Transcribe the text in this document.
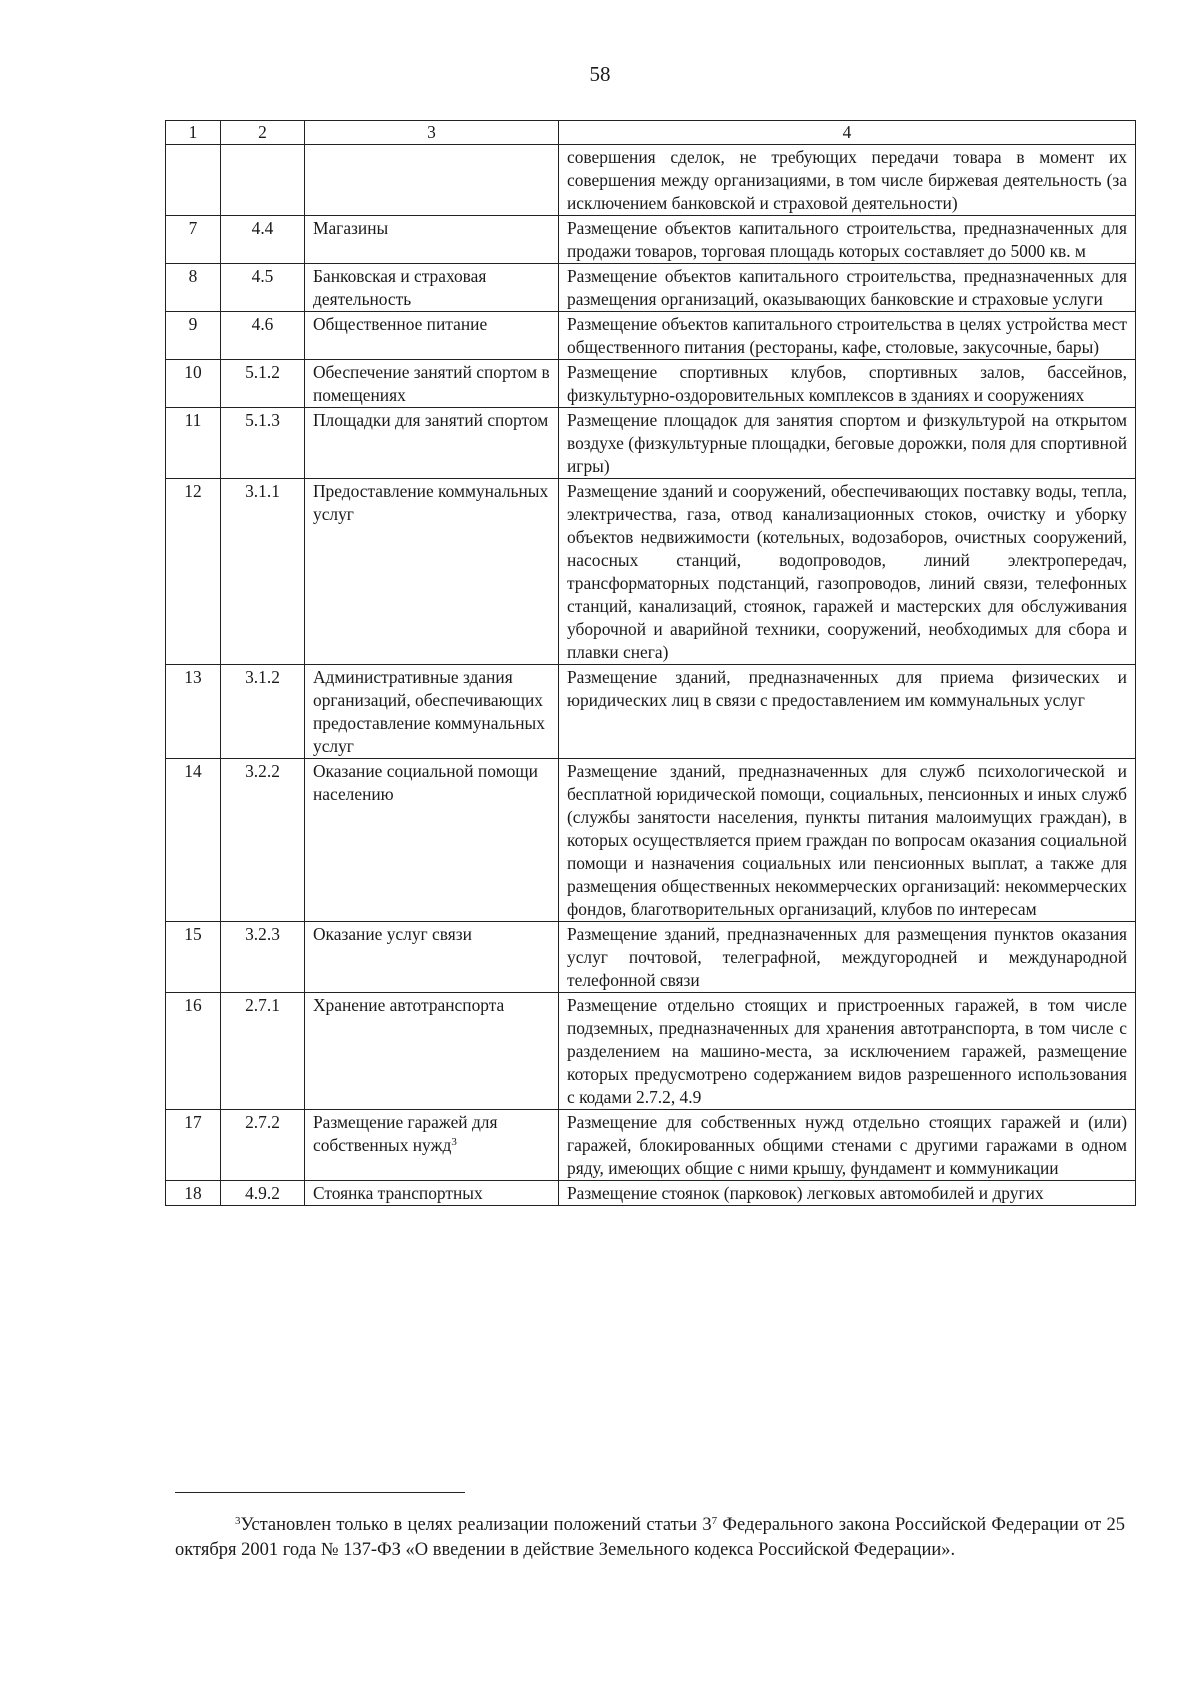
58
1	2	3	4
			совершения сделок, не требующих передачи товара в момент их совершения между организациями, в том числе биржевая деятельность (за исключением банковской и страховой деятельности)
7	4.4	Магазины	Размещение объектов капитального строительства, предназначенных для продажи товаров, торговая площадь которых составляет до 5000 кв. м
8	4.5	Банковская и страховая деятельность	Размещение объектов капитального строительства, предназначенных для размещения организаций, оказывающих банковские и страховые услуги
9	4.6	Общественное питание	Размещение объектов капитального строительства в целях устройства мест общественного питания (рестораны, кафе, столовые, закусочные, бары)
10	5.1.2	Обеспечение занятий спортом в помещениях	Размещение спортивных клубов, спортивных залов, бассейнов, физкультурно-оздоровительных комплексов в зданиях и сооружениях
11	5.1.3	Площадки для занятий спортом	Размещение площадок для занятия спортом и физкультурой на открытом воздухе (физкультурные площадки, беговые дорожки, поля для спортивной игры)
12	3.1.1	Предоставление коммунальных услуг	Размещение зданий и сооружений, обеспечивающих поставку воды, тепла, электричества, газа, отвод канализационных стоков, очистку и уборку объектов недвижимости (котельных, водозаборов, очистных сооружений, насосных станций, водопроводов, линий электропередач, трансформаторных подстанций, газопроводов, линий связи, телефонных станций, канализаций, стоянок, гаражей и мастерских для обслуживания уборочной и аварийной техники, сооружений, необходимых для сбора и плавки снега)
13	3.1.2	Административные здания организаций, обеспечивающих предоставление коммунальных услуг	Размещение зданий, предназначенных для приема физических и юридических лиц в связи с предоставлением им коммунальных услуг
14	3.2.2	Оказание социальной помощи населению	Размещение зданий, предназначенных для служб психологической и бесплатной юридической помощи, социальных, пенсионных и иных служб (службы занятости населения, пункты питания малоимущих граждан), в которых осуществляется прием граждан по вопросам оказания социальной помощи и назначения социальных или пенсионных выплат, а также для размещения общественных некоммерческих организаций: некоммерческих фондов, благотворительных организаций, клубов по интересам
15	3.2.3	Оказание услуг связи	Размещение зданий, предназначенных для размещения пунктов оказания услуг почтовой, телеграфной, междугородней и международной телефонной связи
16	2.7.1	Хранение автотранспорта	Размещение отдельно стоящих и пристроенных гаражей, в том числе подземных, предназначенных для хранения автотранспорта, в том числе с разделением на машино-места, за исключением гаражей, размещение которых предусмотрено содержанием видов разрешенного использования с кодами 2.7.2, 4.9
17	2.7.2	Размещение гаражей для собственных нужд$^3$	Размещение для собственных нужд отдельно стоящих гаражей и (или) гаражей, блокированных общими стенами с другими гаражами в одном ряду, имеющих общие с ними крышу, фундамент и коммуникации
18	4.9.2	Стоянка транспортных	Размещение стоянок (парковок) легковых автомобилей и других
$^3$Установлен только в целях реализации положений статьи $3^7$ Федерального закона Российской Федерации от 25 октября 2001 года № 137-ФЗ «О введении в действие Земельного кодекса Российской Федерации».
